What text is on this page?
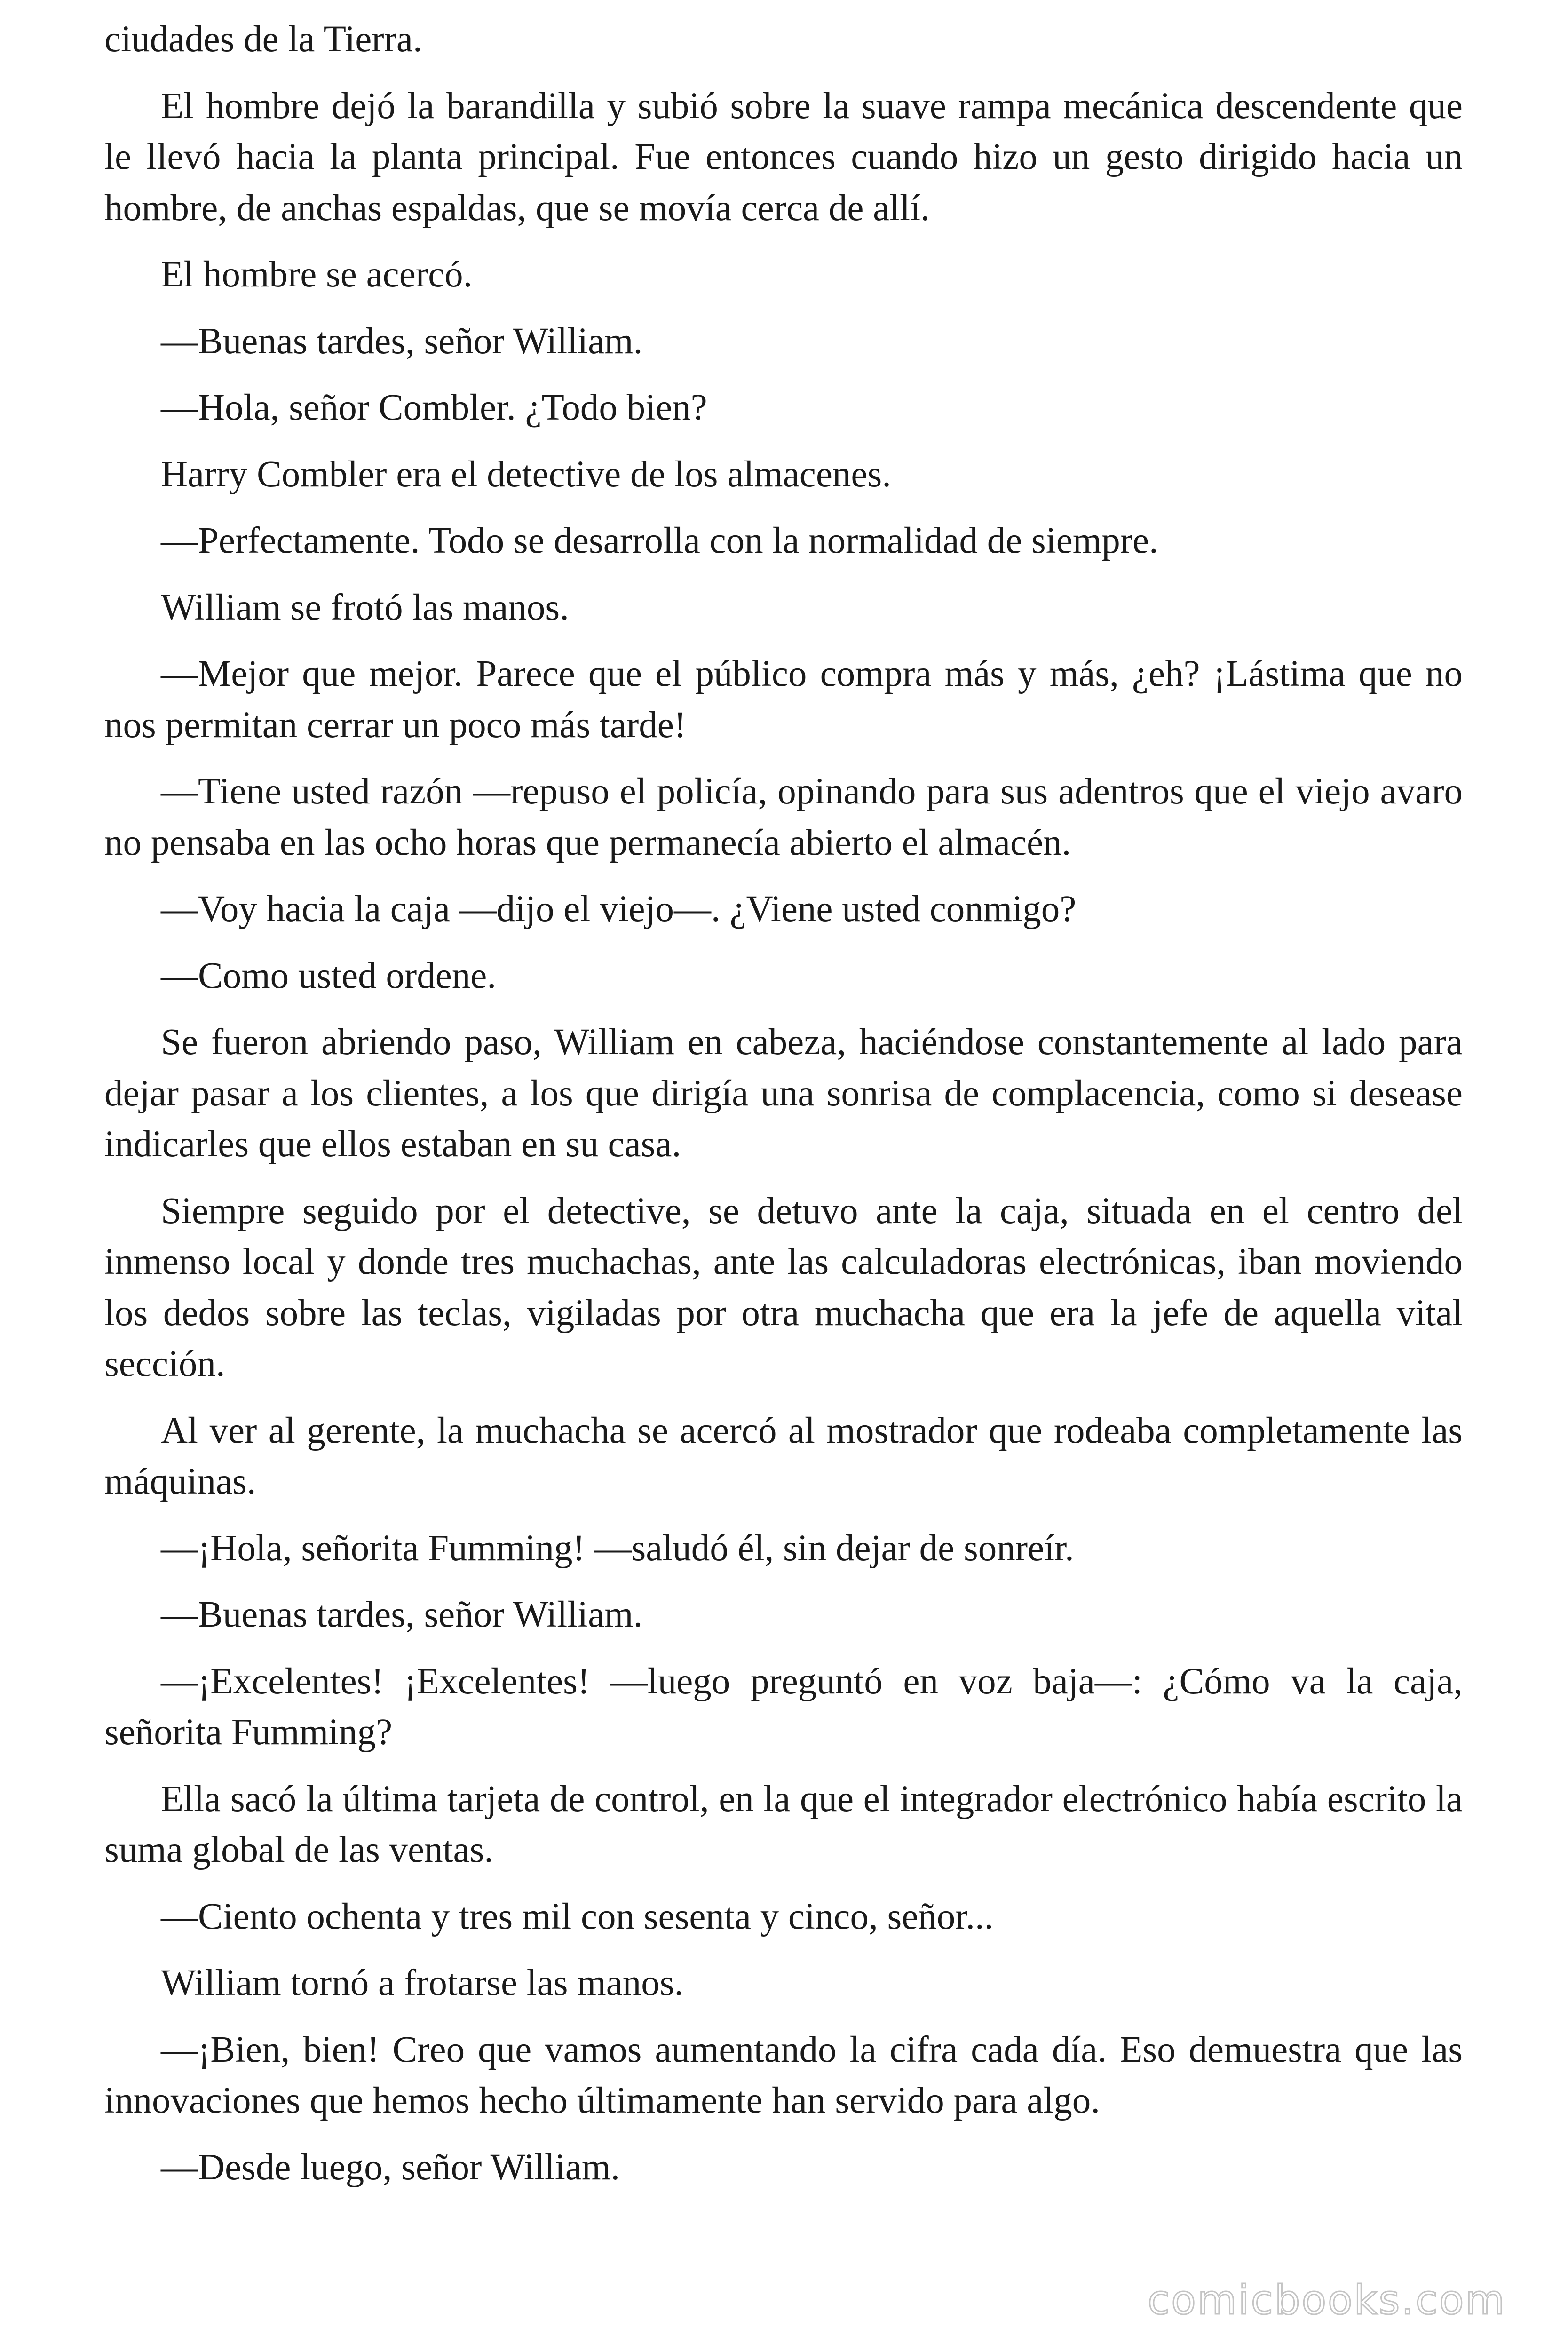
ciudades de la Tierra.

El hombre dejó la barandilla y subió sobre la suave rampa mecánica descendente que le llevó hacia la planta principal. Fue entonces cuando hizo un gesto dirigido hacia un hombre, de anchas espaldas, que se movía cerca de allí.

El hombre se acercó.

—Buenas tardes, señor William.

—Hola, señor Combler. ¿Todo bien?

Harry Combler era el detective de los almacenes.

—Perfectamente. Todo se desarrolla con la normalidad de siempre.

William se frotó las manos.

—Mejor que mejor. Parece que el público compra más y más, ¿eh? ¡Lástima que no nos permitan cerrar un poco más tarde!

—Tiene usted razón —repuso el policía, opinando para sus adentros que el viejo avaro no pensaba en las ocho horas que permanecía abierto el almacén.

—Voy hacia la caja —dijo el viejo—. ¿Viene usted conmigo?

—Como usted ordene.

Se fueron abriendo paso, William en cabeza, haciéndose constantemente al lado para dejar pasar a los clientes, a los que dirigía una sonrisa de complacencia, como si desease indicarles que ellos estaban en su casa.

Siempre seguido por el detective, se detuvo ante la caja, situada en el centro del inmenso local y donde tres muchachas, ante las calculadoras electrónicas, iban moviendo los dedos sobre las teclas, vigiladas por otra muchacha que era la jefe de aquella vital sección.

Al ver al gerente, la muchacha se acercó al mostrador que rodeaba completamente las máquinas.

—¡Hola, señorita Fumming! —saludó él, sin dejar de sonreír.

—Buenas tardes, señor William.

—¡Excelentes! ¡Excelentes! —luego preguntó en voz baja—: ¿Cómo va la caja, señorita Fumming?

Ella sacó la última tarjeta de control, en la que el integrador electrónico había escrito la suma global de las ventas.

—Ciento ochenta y tres mil con sesenta y cinco, señor...

William tornó a frotarse las manos.

—¡Bien, bien! Creo que vamos aumentando la cifra cada día. Eso demuestra que las innovaciones que hemos hecho últimamente han servido para algo.

—Desde luego, señor William.

comicbooks.com
